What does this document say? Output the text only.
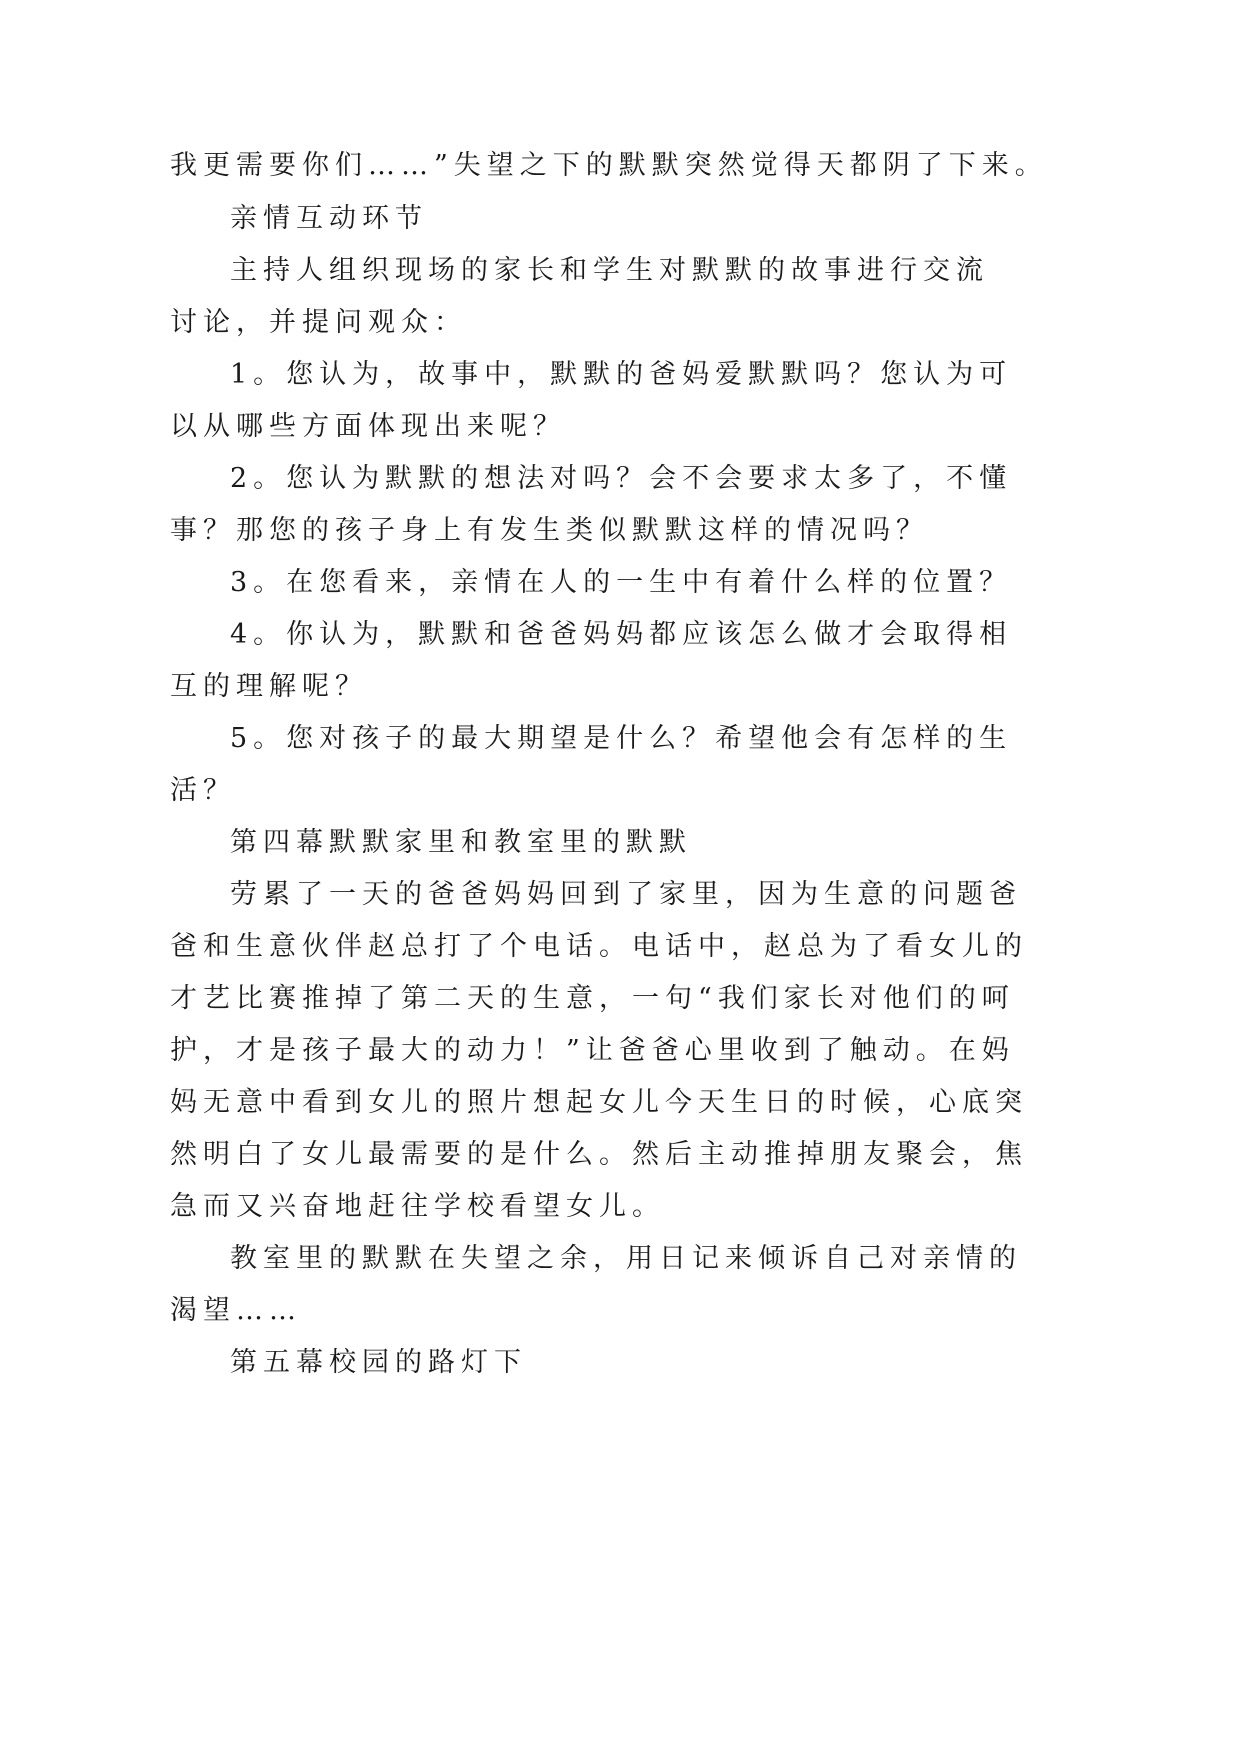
我更需要你们……”失望之下的默默突然觉得天都阴了下来。
亲情互动环节
主持人组织现场的家长和学生对默默的故事进行交流
讨论，并提问观众：
1。您认为，故事中，默默的爸妈爱默默吗？您认为可
以从哪些方面体现出来呢？
2。您认为默默的想法对吗？会不会要求太多了，不懂
事？那您的孩子身上有发生类似默默这样的情况吗？
3。在您看来，亲情在人的一生中有着什么样的位置？
4。你认为，默默和爸爸妈妈都应该怎么做才会取得相
互的理解呢？
5。您对孩子的最大期望是什么？希望他会有怎样的生
活？
第四幕默默家里和教室里的默默
劳累了一天的爸爸妈妈回到了家里，因为生意的问题爸
爸和生意伙伴赵总打了个电话。电话中，赵总为了看女儿的
才艺比赛推掉了第二天的生意，一句“我们家长对他们的呵
护，才是孩子最大的动力！”让爸爸心里收到了触动。在妈
妈无意中看到女儿的照片想起女儿今天生日的时候，心底突
然明白了女儿最需要的是什么。然后主动推掉朋友聚会，焦
急而又兴奋地赶往学校看望女儿。
教室里的默默在失望之余，用日记来倾诉自己对亲情的
渴望……
第五幕校园的路灯下
